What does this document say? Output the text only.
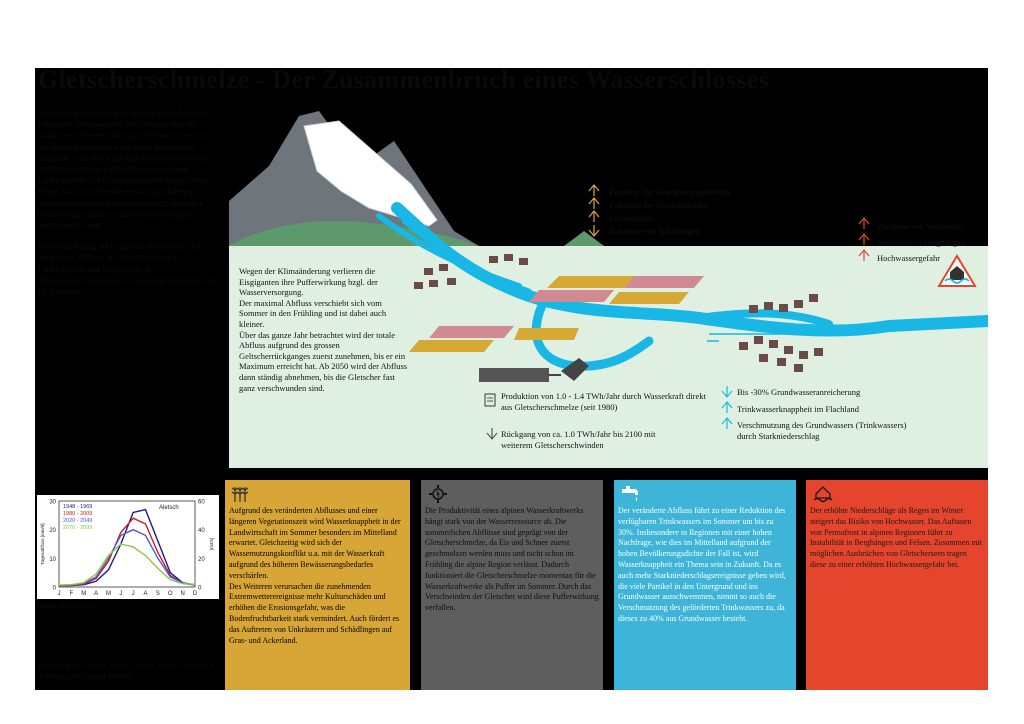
Gletscherschmelze - Der Zusammenbruch eines Wasserschlosses

Die Gletscherschmelze wird zu einer der sichtbarsten Folgen des Klimawandels. Die Gletscher sind die natürlichen Wasserspeicher der Alpen und geben das Wasser im Sommer ab, wenn es am dringendsten gebraucht wird. Durch das Abschmelzen verlieren sie ihre Pufferwirkung, was für Wasserversorgung, Landwirtschaft und Energieproduktion weitreichende Folgen hat. Die Schmelzwasserabflüsse nehmen vorerst zu, erreichen dann ein Maximum und gehen danach stetig zurück, bis die Gletscher fast ganz verschwunden sind.

Diese Grafik zeigt die Folgen für die Schweiz: den veränderten Abfluss, die Auswirkungen auf Landwirtschaft und Wasserkraft, die Trinkwasserversorgung sowie das steigende Risiko von Hochwasser.

Zunahme des Bewässerungsbedarfs
Zunahme der Erosionsgefahr
Ernteausfälle
Zunahme von Schädlingen	Zunahme von Starkregen
Instabilität in Berghängen
Hochwassergefahr
Wegen der Klimaänderung verlieren die Eisgiganten ihre Pufferwirkung bzgl. der Wasserversorgung.
Der maximal Abfluss verschiebt sich vom Sommer in den Frühling und ist dabei auch kleiner.
Über das ganze Jahr betrachtet wird der totale Abfluss aufgrund des grossen Geltscherrückganges zuerst zunehmen, bis er ein Maximum erreicht hat. Ab 2050 wird der Abfluss dann ständig abnehmen, bis die Gletscher fast ganz verschwunden sind.
Produktion von 1.0 - 1.4 TWh/Jahr durch Wasserkraft direkt
aus Gletscherschmelze (seit 1980)
Rückgang von ca. 1.0 TWh/Jahr bis 2100 mit
weiterem Gletscherschwinden
Bis -30% Grundwasseranreicherung
Trinkwasserknappheit im Flachland
Verschmutzung des Grundwassers (Trinkwassers)
durch Starkniederschlag
0
10
20
30
0
20
40
60
J F M A M J J A S O N D
Tagesabfluss [mm/d]	[m3/s]
1948 - 1969
1980 - 2009
2020 - 2049
2070 - 2099
Aletsch
Quelle: BAFU 2012
Aufgrund des veränderten Abflusses und einer längeren Vegetationszeit wird Wasserknappheit in der Landwirtschaft im Sommer besonders im Mittelland erwartet. Gleichzeitig wird sich der Wassernutzungskonflikt u.a. mit der Wasserkraft aufgrund des höheren Bewässerungsbedarfes verschärfen.
Des Weiteren verursachen die zunehmenden Extremwetterereignisse mehr Kulturschäden und erhöhen die Erosionsgefahr, was die Bodenfruchtbarkeit stark vermindert. Auch fördert es das Auftreten von Unkräutern und Schädlingen auf Gras- und Ackerland.
Die Produktivität eines alpinen Wasserkraftwerks hängt stark von der Wasserressource ab. Die sommerlichen Abflüsse sind geprägt von der Gletscherschmelze, da Eis und Schnee zuerst geschmolzen werden muss und nicht schon im Frühling die alpine Region verlässt. Dadurch funktioniert die Gletscherschmelze momentan für die Wasserkraftwerke als Puffer im Sommer. Durch das Verschwinden der Gletscher wird diese Pufferwirkung verfallen.
Der veränderte Abfluss führt zu einer Reduktion des verfügbaren Trinkwassers im Sommer um bis zu 30%. Insbesondere in Regionen mit einer hohen Nachfrage, wie dies im Mittelland aufgrund der hohen Bevölkerungsdichte der Fall ist, wird Wasserknappheit ein Thema sein in Zukunft. Da es auch mehr Starkniederschlagsereignisse geben wird, die viele Partikel in den Untergrund und ins Grundwasser ausschwemmen, nimmt so auch die Verschmutzung des geförderten Trinkwassers zu, da dieses zu 40% aus Grundwasser besteht.
Der erhöhte Niederschläge als Regen im Winter steigert das Risiko von Hochwasser. Das Auftauen von Permafrost in alpinen Regionen führt zu Instabilität in Berghängen und Felsen. Zusammen mit möglichen Ausbrüchen von Gletscherseen tragen diese zu einer erhöhten Hochwassergefahr bei.
Infografik by: Carole Settler, Juliette Aymon, Rebekka Tettmann und Daniel Windler
